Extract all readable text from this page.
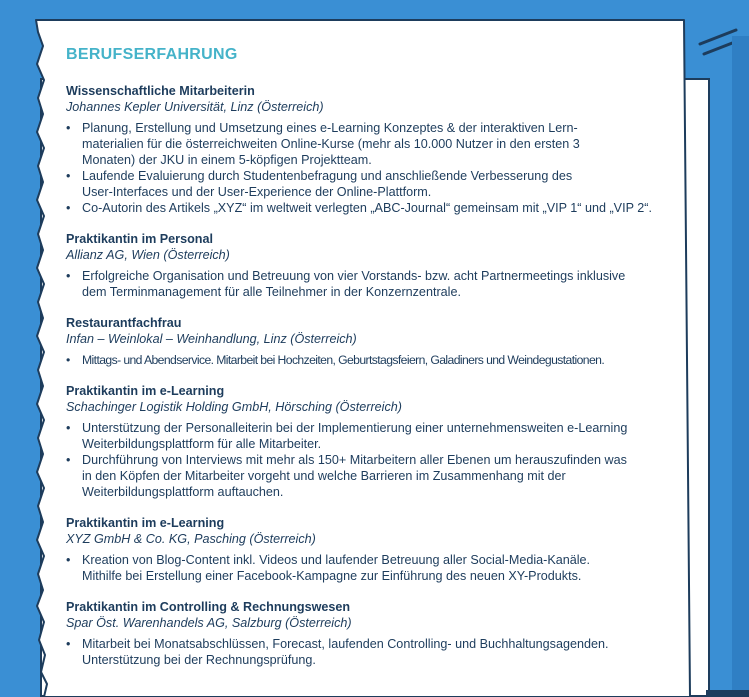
BERUFSERFAHRUNG
Wissenschaftliche Mitarbeiterin
Johannes Kepler Universität, Linz (Österreich)
• Planung, Erstellung und Umsetzung eines e-Learning Konzeptes & der interaktiven Lern-
materialien für die österreichweiten Online-Kurse (mehr als 10.000 Nutzer in den ersten 3
Monaten) der JKU in einem 5-köpfigen Projektteam.
• Laufende Evaluierung durch Studentenbefragung und anschließende Verbesserung des
User-Interfaces und der User-Experience der Online-Plattform.
• Co-Autorin des Artikels „XYZ“ im weltweit verlegten „ABC-Journal“ gemeinsam mit „VIP 1“ und „VIP 2“.
Praktikantin im Personal
Allianz AG, Wien (Österreich)
• Erfolgreiche Organisation und Betreuung von vier Vorstands- bzw. acht Partnermeetings inklusive
dem Terminmanagement für alle Teilnehmer in der Konzernzentrale.
Restaurantfachfrau
Infan – Weinlokal – Weinhandlung, Linz (Österreich)
• Mittags- und Abendservice. Mitarbeit bei Hochzeiten, Geburtstagsfeiern, Galadiners und Weindegustationen.
Praktikantin im e-Learning
Schachinger Logistik Holding GmbH, Hörsching (Österreich)
• Unterstützung der Personalleiterin bei der Implementierung einer unternehmensweiten e-Learning
Weiterbildungsplattform für alle Mitarbeiter.
• Durchführung von Interviews mit mehr als 150+ Mitarbeitern aller Ebenen um herauszufinden was
in den Köpfen der Mitarbeiter vorgeht und welche Barrieren im Zusammenhang mit der
Weiterbildungsplattform auftauchen.
Praktikantin im e-Learning
XYZ GmbH & Co. KG, Pasching (Österreich)
• Kreation von Blog-Content inkl. Videos und laufender Betreuung aller Social-Media-Kanäle.
Mithilfe bei Erstellung einer Facebook-Kampagne zur Einführung des neuen XY-Produkts.
Praktikantin im Controlling & Rechnungswesen
Spar Öst. Warenhandels AG, Salzburg (Österreich)
• Mitarbeit bei Monatsabschlüssen, Forecast, laufenden Controlling- und Buchhaltungsagenden.
Unterstützung bei der Rechnungsprüfung.
